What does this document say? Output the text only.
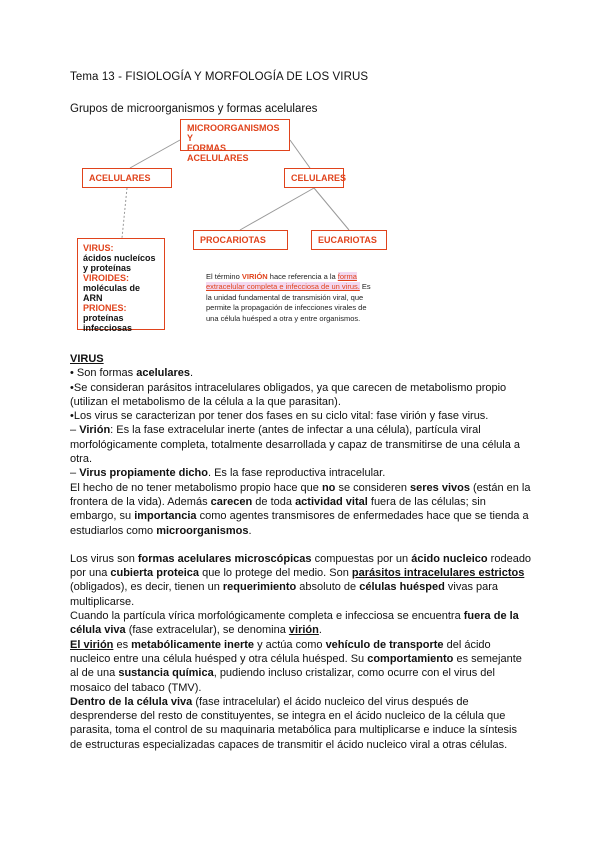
Tema 13 - FISIOLOGÍA Y MORFOLOGÍA DE LOS VIRUS
Grupos de microorganismos y formas acelulares
MICROORGANISMOS Y
FORMAS ACELULARES
ACELULARES	CELULARES
PROCARIOTAS	EUCARIOTAS
VIRUS:
ácidos nucleícos y proteínas
VIROIDES:
moléculas de ARN
PRIONES:
proteínas infecciosas
El término VIRIÓN hace referencia a la forma extracelular completa e infecciosa de un virus. Es la unidad fundamental de transmisión viral, que permite la propagación de infecciones virales de una célula huésped a otra y entre organismos.

VIRUS

• Son formas acelulares.

•Se consideran parásitos intracelulares obligados, ya que carecen de metabolismo propio (utilizan el metabolismo de la célula a la que parasitan).

•Los virus se caracterizan por tener dos fases en su ciclo vital: fase virión y fase virus.

– Virión: Es la fase extracelular inerte (antes de infectar a una célula), partícula viral morfológicamente completa, totalmente desarrollada y capaz de transmitirse de una célula a otra.

– Virus propiamente dicho. Es la fase reproductiva intracelular.

El hecho de no tener metabolismo propio hace que no se consideren seres vivos (están en la frontera de la vida). Además carecen de toda actividad vital fuera de las células; sin embargo, su importancia como agentes transmisores de enfermedades hace que se tienda a estudiarlos como microorganismos.

Los virus son formas acelulares microscópicas compuestas por un ácido nucleico rodeado por una cubierta proteica que lo protege del medio. Son parásitos intracelulares estrictos (obligados), es decir, tienen un requerimiento absoluto de células huésped vivas para multiplicarse.

Cuando la partícula vírica morfológicamente completa e infecciosa se encuentra fuera de la célula viva (fase extracelular), se denomina virión.

El virión es metabólicamente inerte y actúa como vehículo de transporte del ácido nucleico entre una célula huésped y otra célula huésped. Su comportamiento es semejante al de una sustancia química, pudiendo incluso cristalizar, como ocurre con el virus del mosaico del tabaco (TMV).

Dentro de la célula viva (fase intracelular) el ácido nucleico del virus después de desprenderse del resto de constituyentes, se integra en el ácido nucleico de la célula que parasita, toma el control de su maquinaria metabólica para multiplicarse e induce la síntesis de estructuras especializadas capaces de transmitir el ácido nucleico viral a otras células.
